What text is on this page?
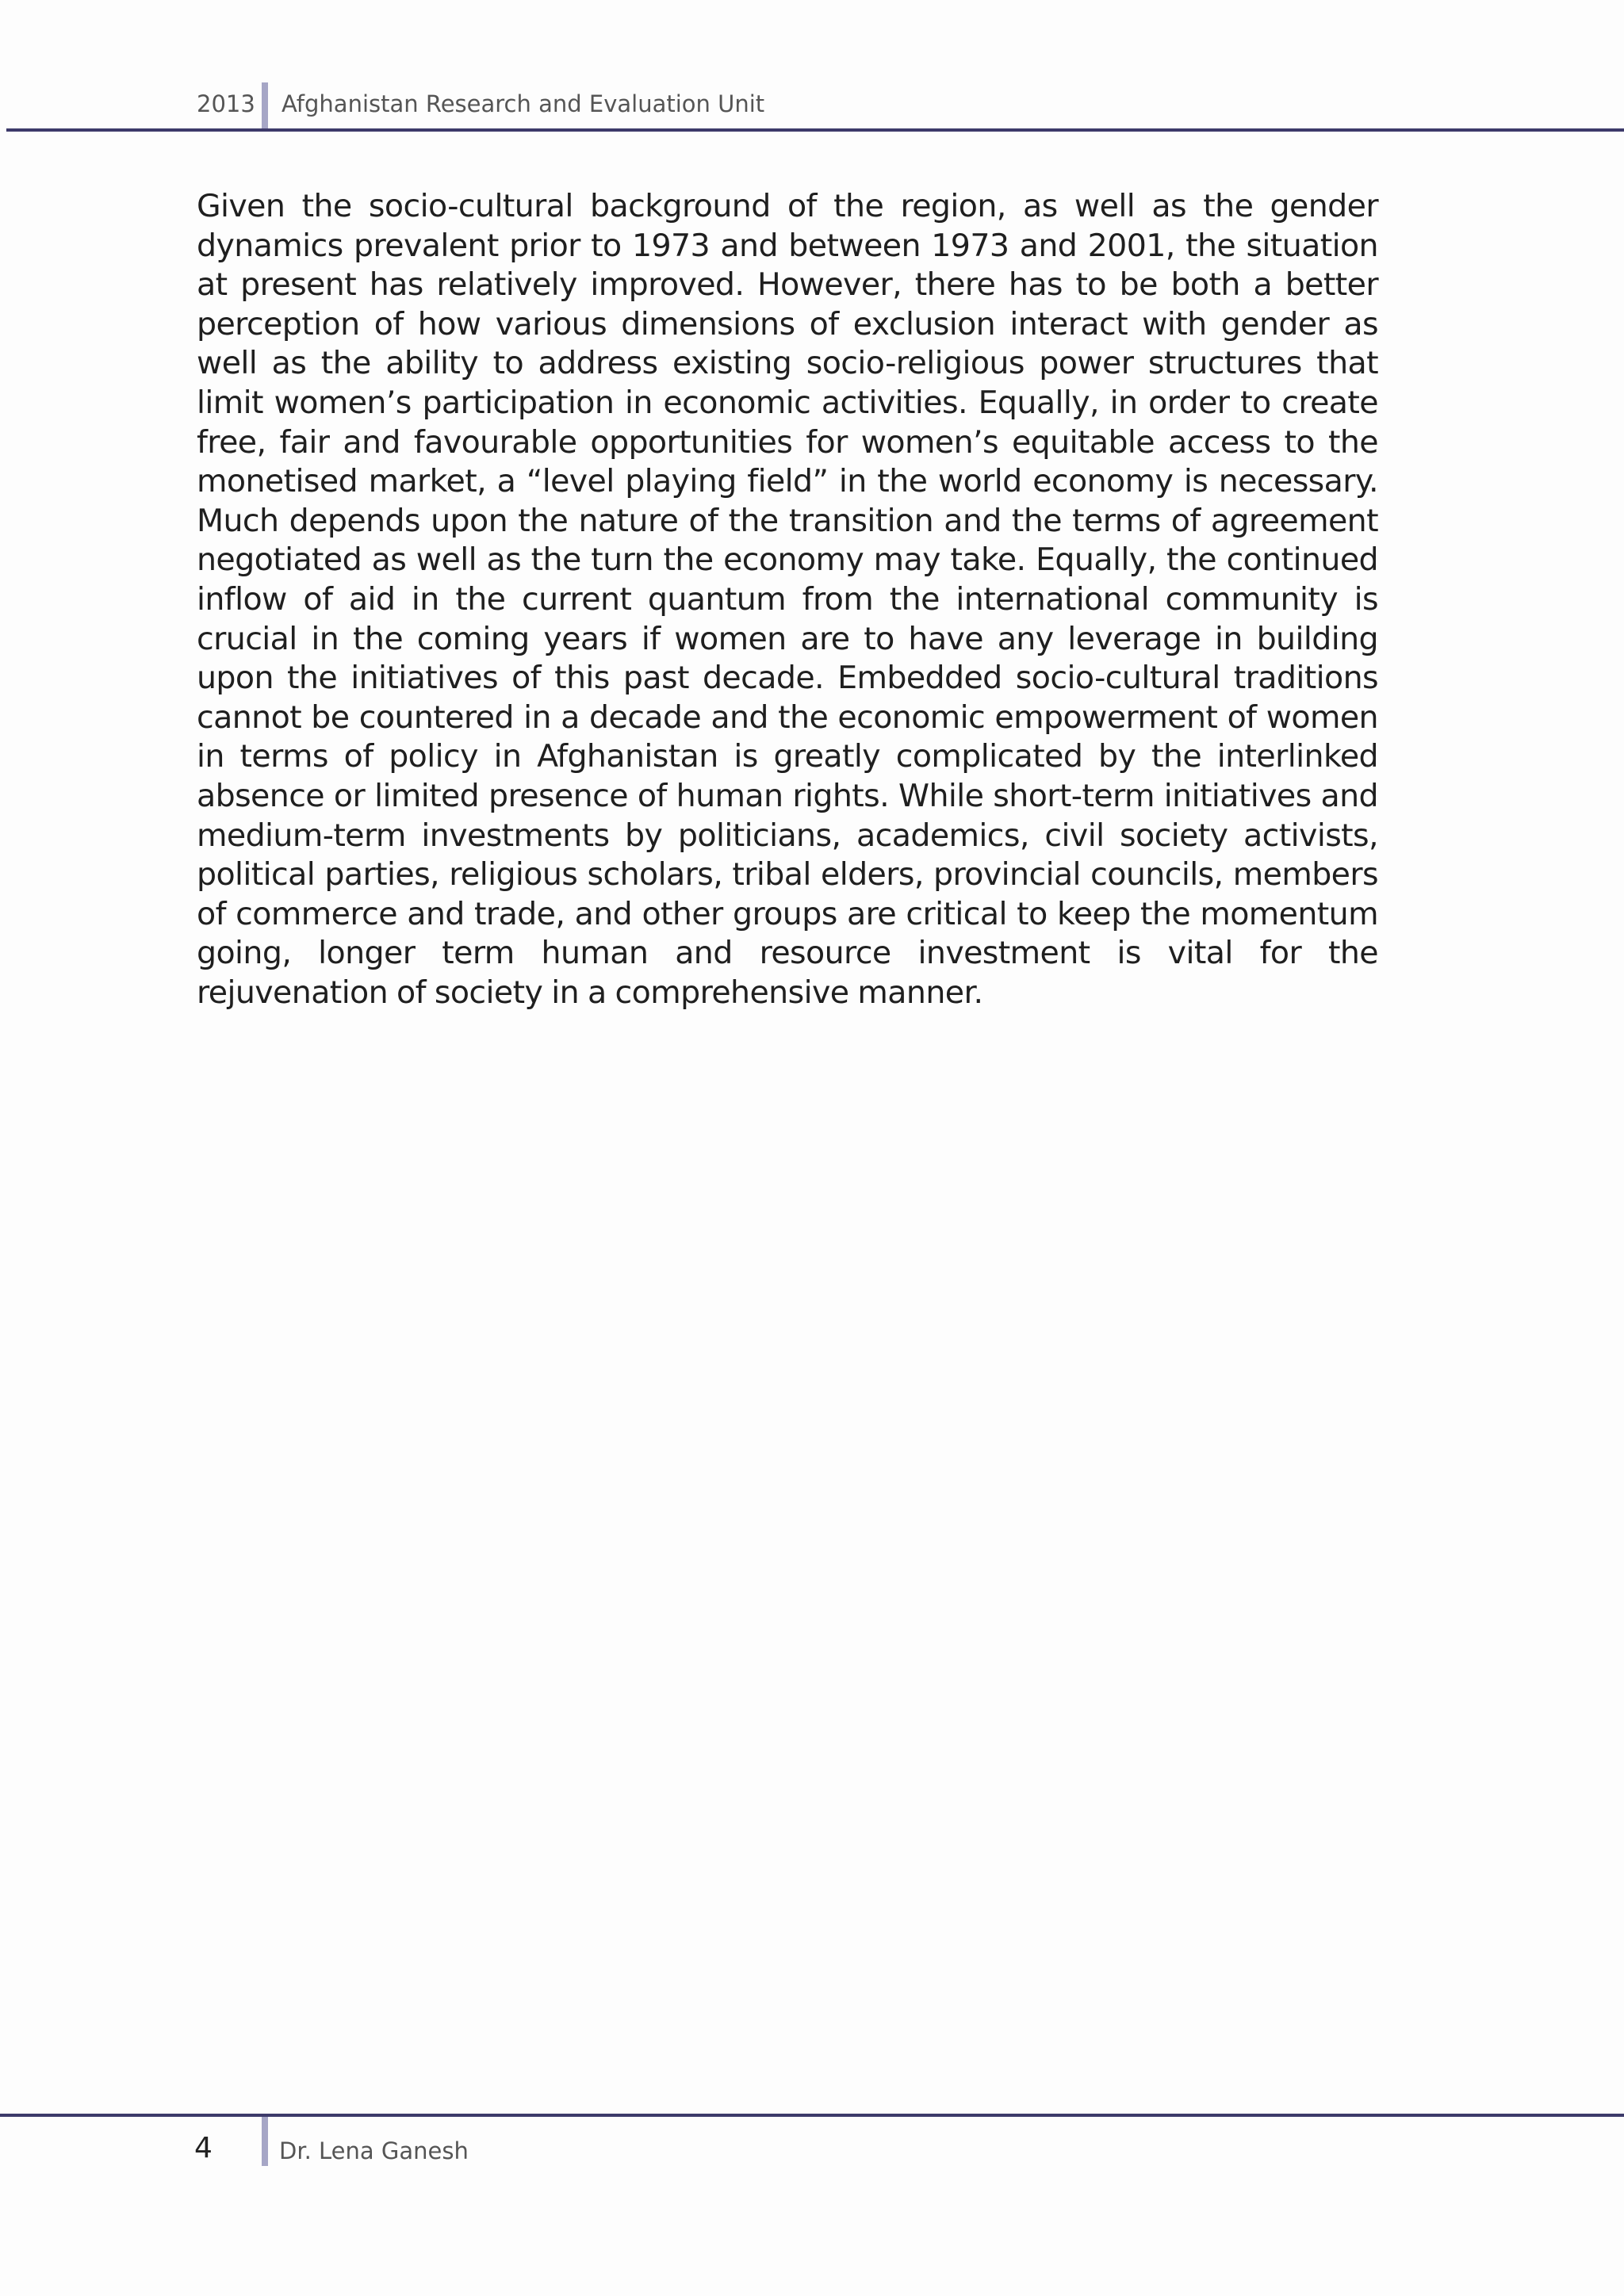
2013 Afghanistan Research and Evaluation Unit

Given the socio-cultural background of the region, as well as the gender dynamics prevalent prior to 1973 and between 1973 and 2001, the situation at present has relatively improved. However, there has to be both a better perception of how various dimensions of exclusion interact with gender as well as the ability to address existing socio-religious power structures that limit women’s participation in economic activities. Equally, in order to create free, fair and favourable opportunities for women’s equitable access to the monetised market, a “level playing field” in the world economy is necessary. Much depends upon the nature of the transition and the terms of agreement negotiated as well as the turn the economy may take. Equally, the continued inflow of aid in the current quantum from the international community is crucial in the coming years if women are to have any leverage in building upon the initiatives of this past decade. Embedded socio-cultural traditions cannot be countered in a decade and the economic empowerment of women in terms of policy in Afghanistan is greatly complicated by the interlinked absence or limited presence of human rights. While short-term initiatives and medium-term investments by politicians, academics, civil society activists, political parties, religious scholars, tribal elders, provincial councils, members of commerce and trade, and other groups are critical to keep the momentum going, longer term human and resource investment is vital for the rejuvenation of society in a comprehensive manner.

4	Dr. Lena Ganesh
